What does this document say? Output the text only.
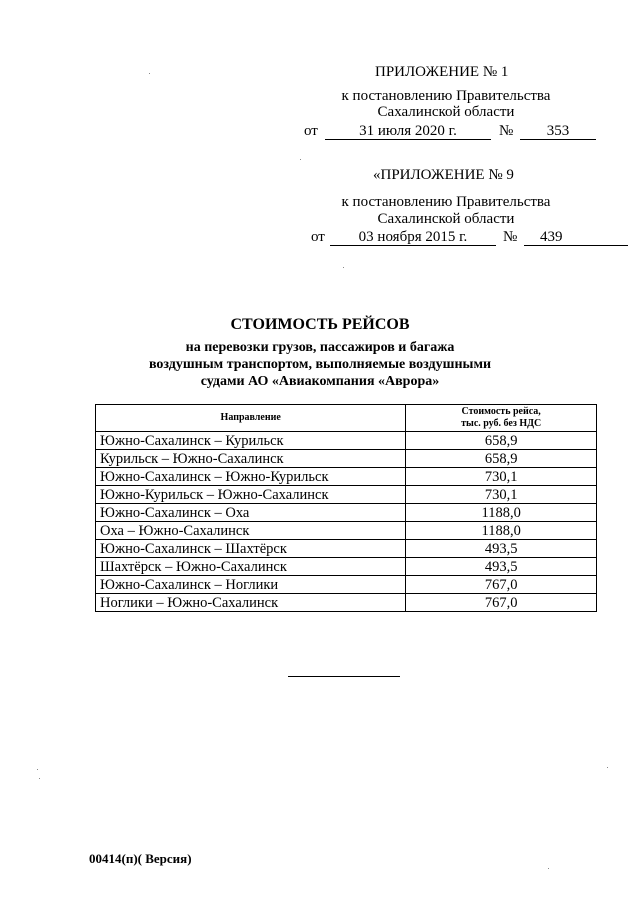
ПРИЛОЖЕНИЕ № 1
к постановлению Правительства
Сахалинской области
от	31 июля 2020 г.	№	353
«ПРИЛОЖЕНИЕ № 9
к постановлению Правительства
Сахалинской области
от	03 ноября 2015 г.	№	439
СТОИМОСТЬ РЕЙСОВ
на перевозки грузов, пассажиров и багажа
воздушным транспортом, выполняемые воздушными
судами АО «Авиакомпания «Аврора»
Направление	Стоимость рейса,
тыс. руб. без НДС
Южно-Сахалинск – Курильск	658,9
Курильск – Южно-Сахалинск	658,9
Южно-Сахалинск – Южно-Курильск	730,1
Южно-Курильск – Южно-Сахалинск	730,1
Южно-Сахалинск – Оха	1188,0
Оха – Южно-Сахалинск	1188,0
Южно-Сахалинск – Шахтёрск	493,5
Шахтёрск – Южно-Сахалинск	493,5
Южно-Сахалинск – Ноглики	767,0
Ноглики – Южно-Сахалинск	767,0
00414(п)( Версия)
